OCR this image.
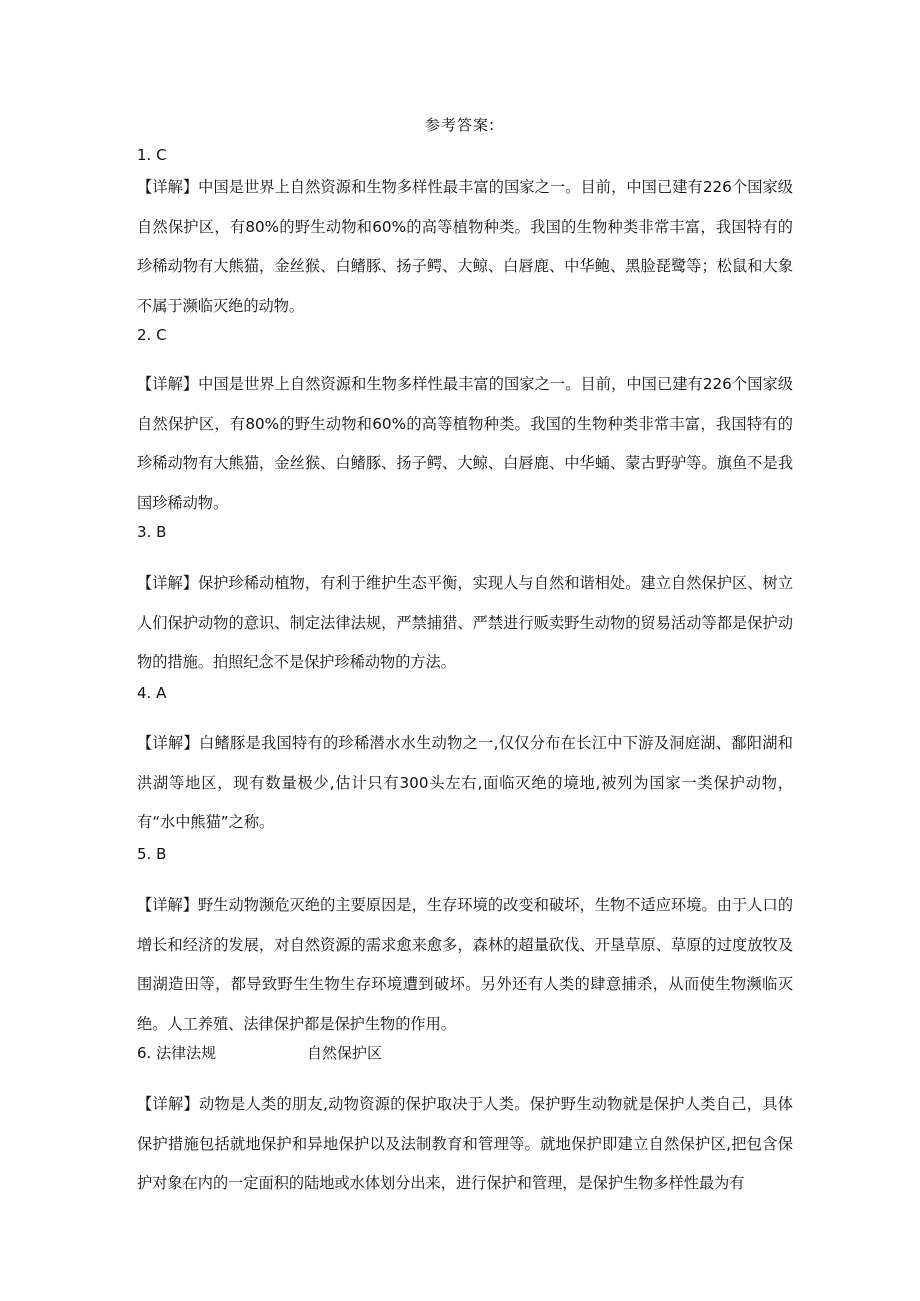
参考答案:
1. C
【详解】中国是世界上自然资源和生物多样性最丰富的国家之一。目前，中国已建有226个国家级自然保护区，有80%的野生动物和60%的高等植物种类。我国的生物种类非常丰富，我国特有的珍稀动物有大熊猫，金丝猴、白鳍豚、扬子鳄、大鲸、白唇鹿、中华鲍、黑脸琵鹭等；松鼠和大象不属于濒临灭绝的动物。
2. C
【详解】中国是世界上自然资源和生物多样性最丰富的国家之一。目前，中国已建有226个国家级自然保护区，有80%的野生动物和60%的高等植物种类。我国的生物种类非常丰富，我国特有的珍稀动物有大熊猫，金丝猴、白鳍豚、扬子鳄、大鲸、白唇鹿、中华蛹、蒙古野驴等。旗鱼不是我国珍稀动物。
3. B
【详解】保护珍稀动植物，有利于维护生态平衡，实现人与自然和谐相处。建立自然保护区、树立人们保护动物的意识、制定法律法规，严禁捕猎、严禁进行贩卖野生动物的贸易活动等都是保护动物的措施。拍照纪念不是保护珍稀动物的方法。
4. A
【详解】白鳍豚是我国特有的珍稀潜水水生动物之一,仅仅分布在长江中下游及洞庭湖、鄱阳湖和洪湖等地区，现有数量极少,估计只有300头左右,面临灭绝的境地,被列为国家一类保护动物，有“水中熊猫”之称。
5. B
【详解】野生动物濒危灭绝的主要原因是，生存环境的改变和破坏，生物不适应环境。由于人口的增长和经济的发展，对自然资源的需求愈来愈多，森林的超量砍伐、开垦草原、草原的过度放牧及围湖造田等，都导致野生生物生存环境遭到破坏。另外还有人类的肆意捕杀，从而使生物濒临灭绝。人工养殖、法律保护都是保护生物的作用。
6. 法律法规	自然保护区
【详解】动物是人类的朋友,动物资源的保护取决于人类。保护野生动物就是保护人类自己，具体保护措施包括就地保护和异地保护以及法制教育和管理等。就地保护即建立自然保护区,把包含保护对象在内的一定面积的陆地或水体划分出来，进行保护和管理，是保护生物多样性最为有
